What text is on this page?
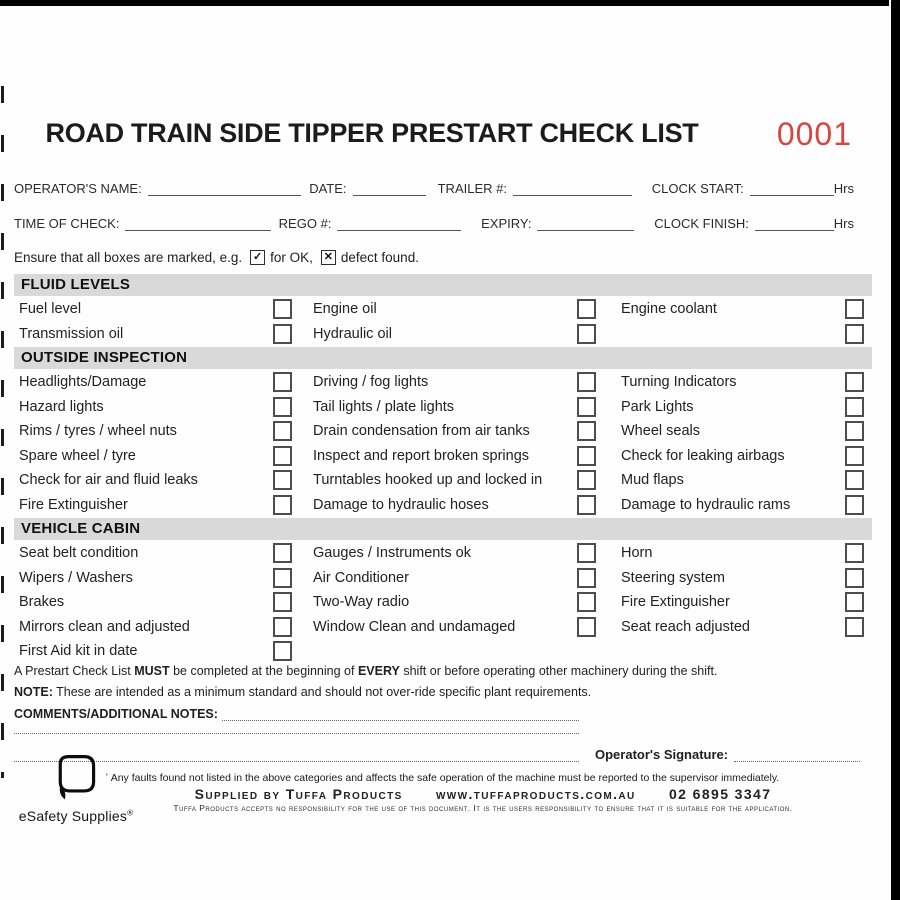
ROAD TRAIN SIDE TIPPER PRESTART CHECK LIST	0001
OPERATOR'S NAME:	DATE:	TRAILER #:	CLOCK START:	Hrs
TIME OF CHECK:	REGO #:	EXPIRY:	CLOCK FINISH:	Hrs
Ensure that all boxes are marked, e.g. ✓ for OK, ✕ defect found.
FLUID LEVELS
Fuel level	Engine oil	Engine coolant
Transmission oil	Hydraulic oil
OUTSIDE INSPECTION
Headlights/Damage	Driving / fog lights	Turning Indicators
Hazard lights	Tail lights / plate lights	Park Lights
Rims / tyres / wheel nuts	Drain condensation from air tanks	Wheel seals
Spare wheel / tyre	Inspect and report broken springs	Check for leaking airbags
Check for air and fluid leaks	Turntables hooked up and locked in	Mud flaps
Fire Extinguisher	Damage to hydraulic hoses	Damage to hydraulic rams
VEHICLE CABIN
Seat belt condition	Gauges / Instruments ok	Horn
Wipers / Washers	Air Conditioner	Steering system
Brakes	Two-Way radio	Fire Extinguisher
Mirrors clean and adjusted	Window Clean and undamaged	Seat reach adjusted
First Aid kit in date
A Prestart Check List MUST be completed at the beginning of EVERY shift or before operating other machinery during the shift.
NOTE: These are intended as a minimum standard and should not over-ride specific plant requirements.
COMMENTS/ADDITIONAL NOTES:
Operator's Signature:
' Any faults found not listed in the above categories and affects the safe operation of the machine must be reported to the supervisor immediately.
Supplied by Tuffa Products www.tuffaproducts.com.au 02 6895 3347
Tuffa Products accepts no responsibility for the use of this document. It is the users responsibility to ensure that it is suitable for the application.
eSafety Supplies®
